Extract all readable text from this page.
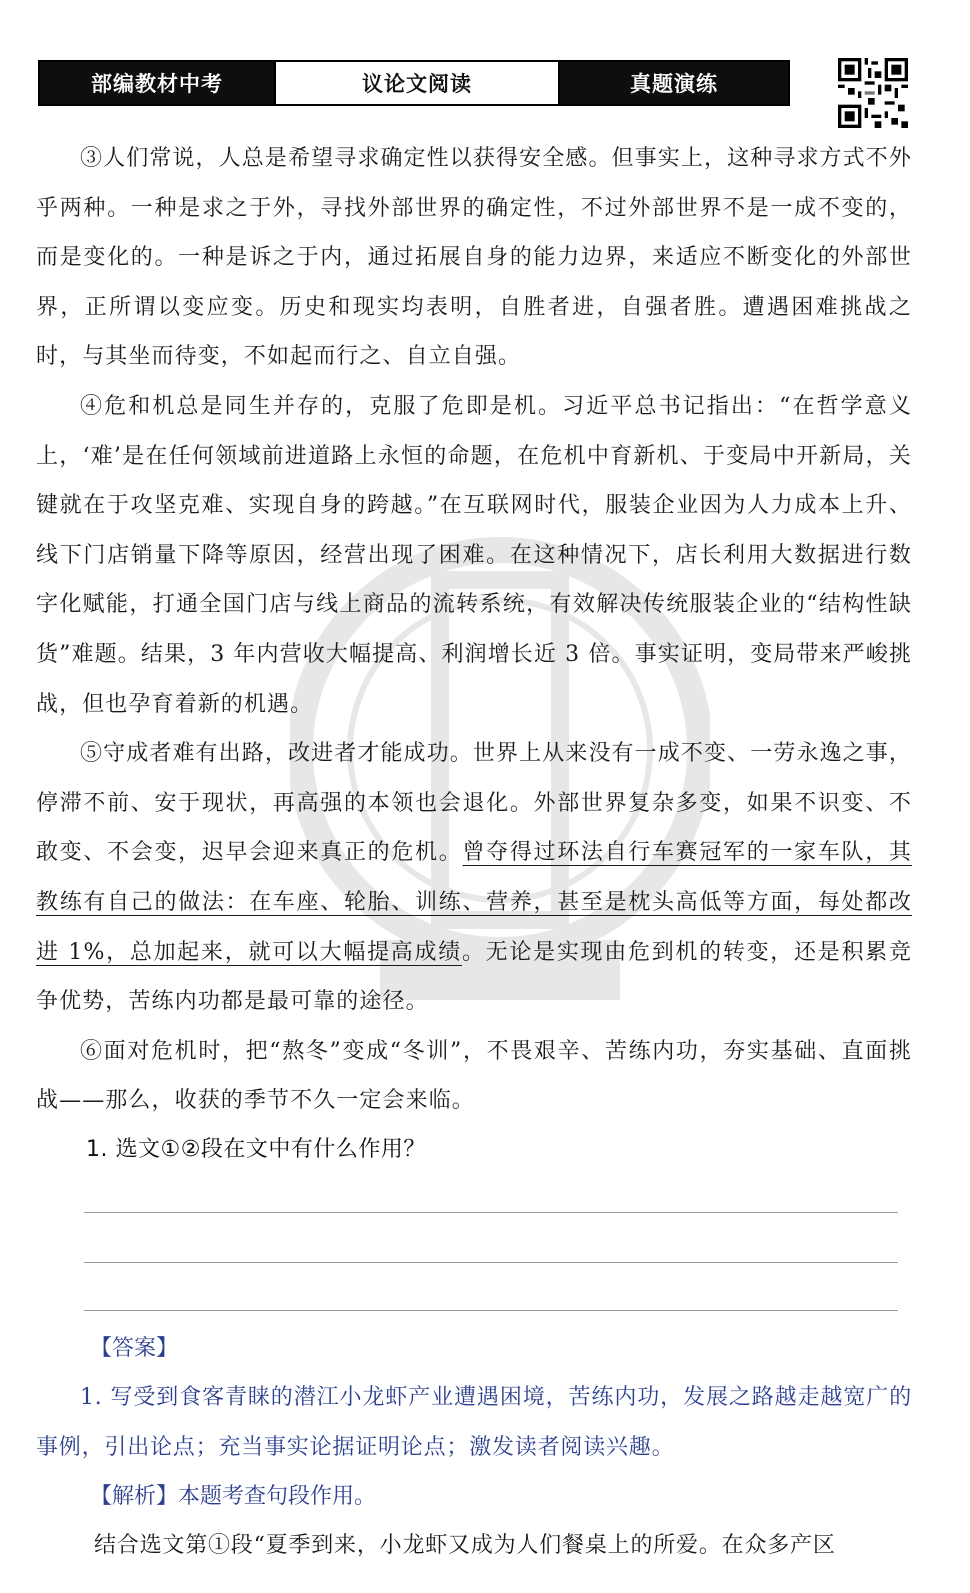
部编教材中考	议论文阅读	真题演练

③人们常说，人总是希望寻求确定性以获得安全感。但事实上，这种寻求方式不外乎两种。一种是求之于外，寻找外部世界的确定性，不过外部世界不是一成不变的，而是变化的。一种是诉之于内，通过拓展自身的能力边界，来适应不断变化的外部世界，正所谓以变应变。历史和现实均表明，自胜者进，自强者胜。遭遇困难挑战之时，与其坐而待变，不如起而行之、自立自强。

④危和机总是同生并存的，克服了危即是机。习近平总书记指出：“在哲学意义上，‘难’是在任何领域前进道路上永恒的命题，在危机中育新机、于变局中开新局，关键就在于攻坚克难、实现自身的跨越。”在互联网时代，服装企业因为人力成本上升、线下门店销量下降等原因，经营出现了困难。在这种情况下，店长利用大数据进行数字化赋能，打通全国门店与线上商品的流转系统，有效解决传统服装企业的“结构性缺货”难题。结果，3 年内营收大幅提高、利润增长近 3 倍。事实证明，变局带来严峻挑战，但也孕育着新的机遇。

⑤守成者难有出路，改进者才能成功。世界上从来没有一成不变、一劳永逸之事，停滞不前、安于现状，再高强的本领也会退化。外部世界复杂多变，如果不识变、不敢变、不会变，迟早会迎来真正的危机。曾夺得过环法自行车赛冠军的一家车队，其教练有自己的做法：在车座、轮胎、训练、营养，甚至是枕头高低等方面，每处都改进 1%，总加起来，就可以大幅提高成绩。无论是实现由危到机的转变，还是积累竞争优势，苦练内功都是最可靠的途径。

⑥面对危机时，把“熬冬”变成“冬训”，不畏艰辛、苦练内功，夯实基础、直面挑战——那么，收获的季节不久一定会来临。

1. 选文①②段在文中有什么作用？

【答案】

1. 写受到食客青睐的潜江小龙虾产业遭遇困境，苦练内功，发展之路越走越宽广的事例，引出论点；充当事实论据证明论点；激发读者阅读兴趣。

【解析】本题考查句段作用。

结合选文第①段“夏季到来，小龙虾又成为人们餐桌上的所爱。在众多产区
